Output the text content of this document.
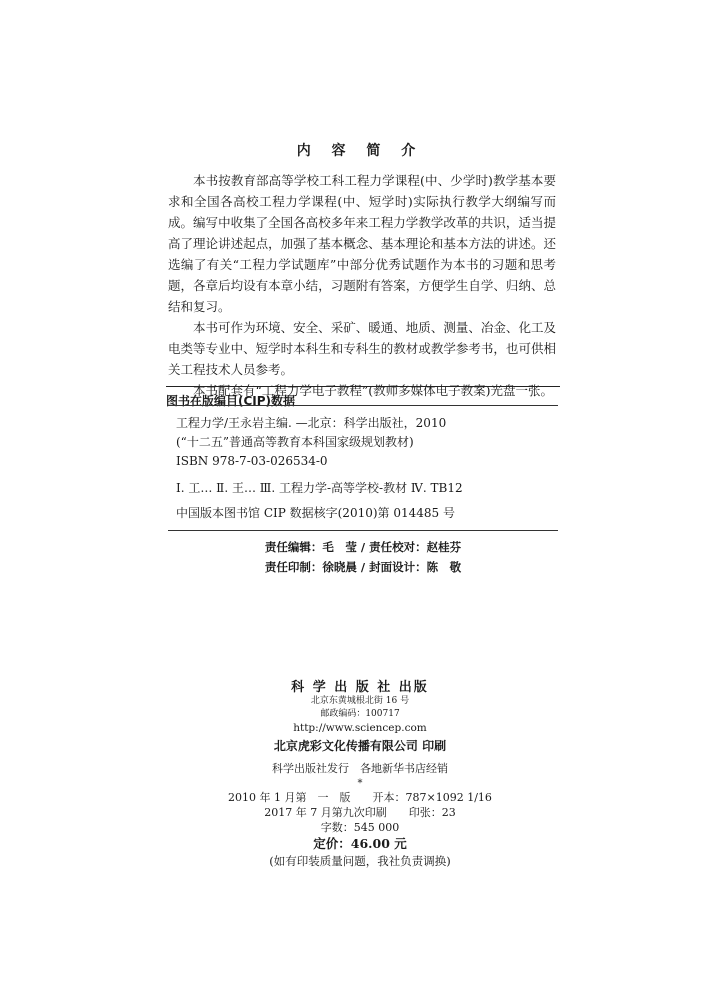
内 容 简 介

本书按教育部高等学校工科工程力学课程(中、少学时)教学基本要求和全国各高校工程力学课程(中、短学时)实际执行教学大纲编写而成。编写中收集了全国各高校多年来工程力学教学改革的共识，适当提高了理论讲述起点，加强了基本概念、基本理论和基本方法的讲述。还选编了有关“工程力学试题库”中部分优秀试题作为本书的习题和思考题，各章后均设有本章小结，习题附有答案，方便学生自学、归纳、总结和复习。

本书可作为环境、安全、采矿、暖通、地质、测量、冶金、化工及电类等专业中、短学时本科生和专科生的教材或教学参考书，也可供相关工程技术人员参考。

本书配套有“工程力学电子教程”(教师多媒体电子教案)光盘一张。

图书在版编目(CIP)数据
工程力学/王永岩主编. —北京：科学出版社，2010
(“十二五”普通高等教育本科国家级规划教材)
ISBN 978-7-03-026534-0
Ⅰ. 工… Ⅱ. 王… Ⅲ. 工程力学-高等学校-教材 Ⅳ. TB12
中国版本图书馆 CIP 数据核字(2010)第 014485 号
责任编辑：毛　莹 / 责任校对：赵桂芬
责任印制：徐晓晨 / 封面设计：陈　敬
科 学 出 版 社 出版
北京东黄城根北街 16 号
邮政编码：100717
http://www.sciencep.com
北京虎彩文化传播有限公司 印刷
科学出版社发行　各地新华书店经销
*
2010 年 1 月第　一　版　　开本：787×1092 1/16
2017 年 7 月第九次印刷　　印张：23
字数：545 000
定价：46.00 元
(如有印装质量问题，我社负责调换)
